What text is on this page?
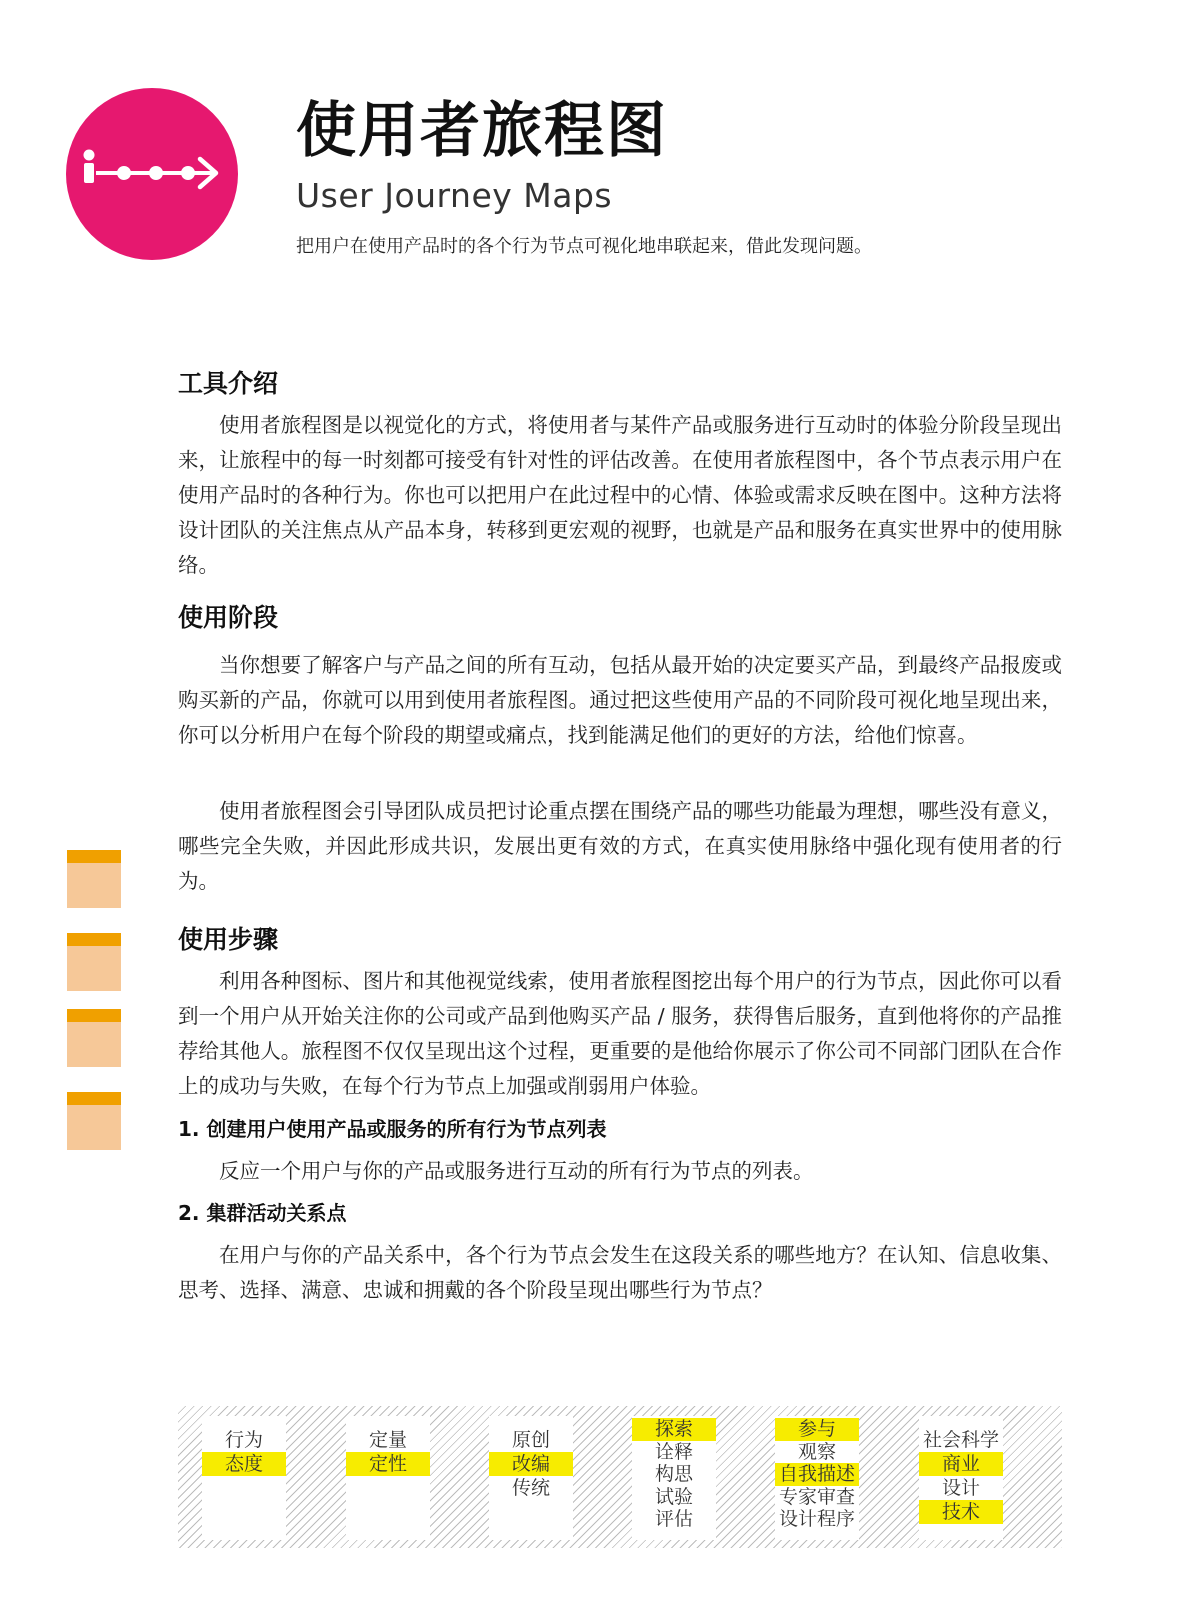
使用者旅程图
User Journey Maps
把用户在使用产品时的各个行为节点可视化地串联起来，借此发现问题。
工具介绍

使用者旅程图是以视觉化的方式，将使用者与某件产品或服务进行互动时的体验分阶段呈现出来，让旅程中的每一时刻都可接受有针对性的评估改善。在使用者旅程图中，各个节点表示用户在使用产品时的各种行为。你也可以把用户在此过程中的心情、体验或需求反映在图中。这种方法将设计团队的关注焦点从产品本身，转移到更宏观的视野，也就是产品和服务在真实世界中的使用脉络。

使用阶段

当你想要了解客户与产品之间的所有互动，包括从最开始的决定要买产品，到最终产品报废或购买新的产品，你就可以用到使用者旅程图。通过把这些使用产品的不同阶段可视化地呈现出来，你可以分析用户在每个阶段的期望或痛点，找到能满足他们的更好的方法，给他们惊喜。

使用者旅程图会引导团队成员把讨论重点摆在围绕产品的哪些功能最为理想，哪些没有意义，哪些完全失败，并因此形成共识，发展出更有效的方式，在真实使用脉络中强化现有使用者的行为。

使用步骤

利用各种图标、图片和其他视觉线索，使用者旅程图挖出每个用户的行为节点，因此你可以看到一个用户从开始关注你的公司或产品到他购买产品 / 服务，获得售后服务，直到他将你的产品推荐给其他人。旅程图不仅仅呈现出这个过程，更重要的是他给你展示了你公司不同部门团队在合作上的成功与失败，在每个行为节点上加强或削弱用户体验。

1. 创建用户使用产品或服务的所有行为节点列表

反应一个用户与你的产品或服务进行互动的所有行为节点的列表。

2. 集群活动关系点

在用户与你的产品关系中，各个行为节点会发生在这段关系的哪些地方？在认知、信息收集、思考、选择、满意、忠诚和拥戴的各个阶段呈现出哪些行为节点？

行为
态度
定量
定性
原创
改编
传统
探索
诠释
构思
试验
评估
参与
观察
自我描述
专家审查
设计程序
社会科学
商业
设计
技术
